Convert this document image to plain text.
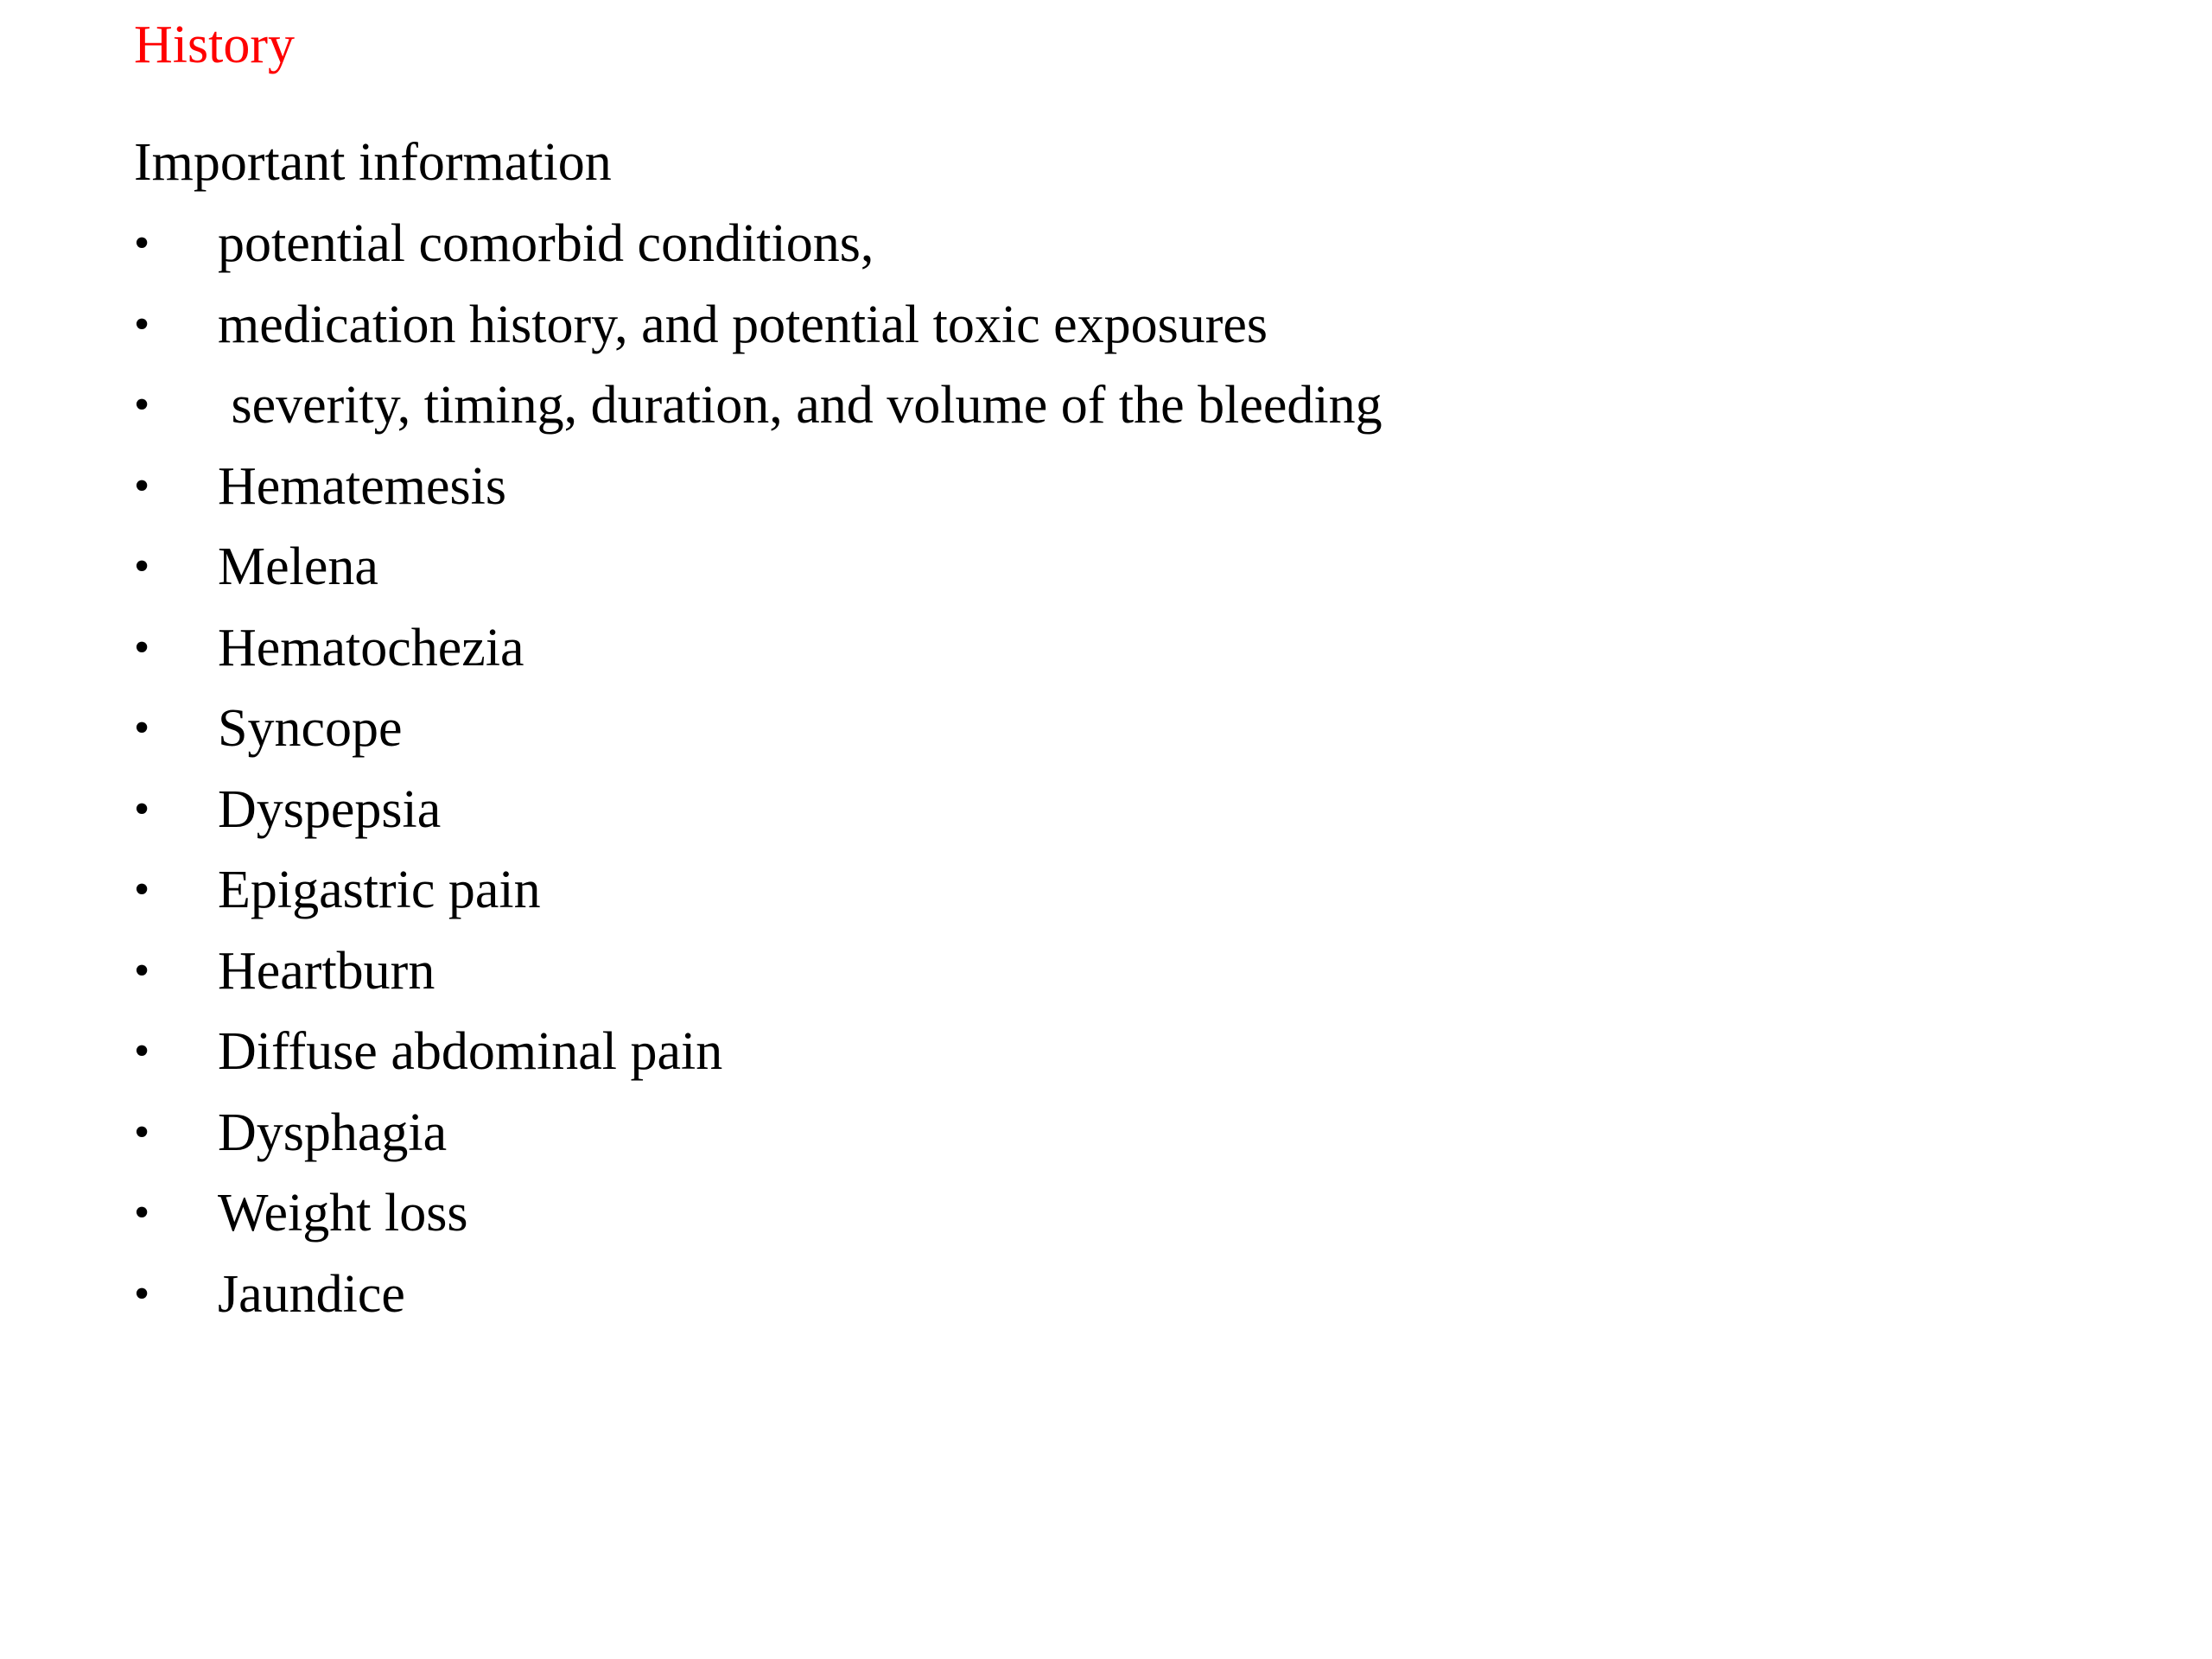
History
Important information
• potential comorbid conditions,
• medication history, and potential toxic exposures
• severity, timing, duration, and volume of the bleeding
• Hematemesis
• Melena
• Hematochezia
• Syncope
• Dyspepsia
• Epigastric pain
• Heartburn
• Diffuse abdominal pain
• Dysphagia
• Weight loss
• Jaundice
